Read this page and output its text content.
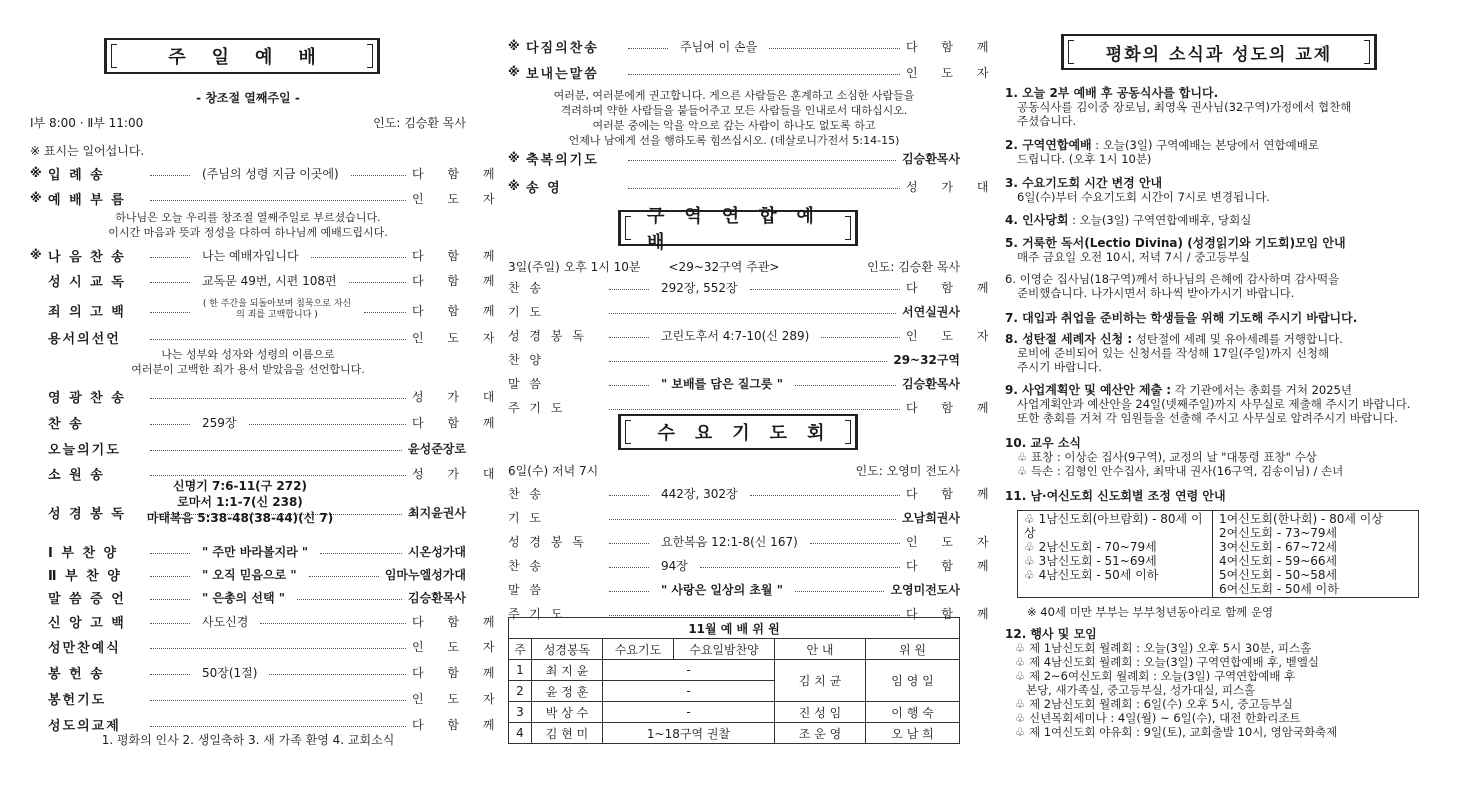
주일예배
- 창조절 열째주일 -
Ⅰ부 8:00 · Ⅱ부 11:00	인도: 김승환 목사
※ 표시는 일어섭니다.
※ 입 례 송	(주님의 성령 지금 이곳에)	다 함 께
※ 예 배 부 름	인 도 자
※ 나 음 찬 송	나는 예배자입니다	다 함 께
성 시 교 독	교독문 49번, 시편 108편	다 함 께
죄 의 고 백
( 한 주간을 되돌아보며 침묵으로 자신의 죄를 고백합니다 )	다 함 께
용서의선언	인 도 자
영 광 찬 송	성 가 대
찬 송	259장	다 함 께
오늘의기도	윤성준장로
소 원 송	성 가 대
성 경 봉 독	최지윤권사
Ⅰ 부 찬 양	" 주만 바라볼지라 "	시온성가대
Ⅱ 부 찬 양	" 오직 믿음으로 "	임마누엘성가대
말 씀 증 언	" 은총의 선택 "	김승환목사
신 앙 고 백	사도신경	다 함 께
성만찬예식	인 도 자
봉 헌 송	50장(1절)	다 함 께
봉헌기도	인 도 자
성도의교제	다 함 께
하나님은 오늘 우리를 창조절 열째주일로 부르셨습니다.
이시간 마음과 뜻과 정성을 다하여 하나님께 예배드립시다.
나는 성부와 성자와 성령의 이름으로
여러분이 고백한 죄가 용서 받았음을 선언합니다.
신명기 7:6-11(구 272)
로마서 1:1-7(신 238)
마태복음 5:38-48(38-44)(신 7)
1. 평화의 인사 2. 생일축하 3. 새 가족 환영 4. 교회소식
※ 다짐의찬송	주님여 이 손을	다 함 께
※ 보내는말씀	인 도 자
※ 축복의기도	김승환목사
※ 송 영	성 가 대
여러분, 여러분에게 권고합니다. 게으른 사람들은 훈계하고 소심한 사람들을
격려하며 약한 사람들을 붙들어주고 모든 사람들을 인내로서 대하십시오.
여러분 중에는 악을 악으로 갚는 사람이 하나도 없도록 하고
언제나 남에게 선을 행하도록 힘쓰십시오. (데살로니가전서 5:14-15)
구역연합예배
3일(주일) 오후 1시 10분 <29~32구역 주관>	인도: 김승환 목사
찬 송	292장, 552장	다 함 께
기 도	서연실권사
성 경 봉 독	고린도후서 4:7-10(신 289)	인 도 자
찬 양	29~32구역
말 씀	" 보배를 담은 질그릇 "	김승환목사
주 기 도	다 함 께
수요기도회
6일(수) 저녁 7시	인도: 오영미 전도사
찬 송	442장, 302장	다 함 께
기 도	오남희권사
성 경 봉 독	요한복음 12:1-8(신 167)	인 도 자
찬 송	94장	다 함 께
말 씀	" 사랑은 일상의 초월 "	오영미전도사
주 기 도	다 함 께
11월 예 배 위 원					
주	성경봉독	수요기도	수요일밤찬양	안 내	위 원
1	최 지 윤	-		김 치 균	임 영 일
2	윤 정 훈	-			
3	박 상 수	-		진 성 임	이 행 숙
4	김 현 미	1~18구역 권찰		조 운 영	오 남 희
평화의 소식과 성도의 교제
1. 오늘 2부 예배 후 공동식사를 합니다.
공동식사를 김이중 장로님, 최영옥 권사님(32구역)가정에서 협찬해
주셨습니다.
2. 구역연합예배 : 오늘(3일) 구역예배는 본당에서 연합예배로
드립니다. (오후 1시 10분)
3. 수요기도회 시간 변경 안내
6일(수)부터 수요기도회 시간이 7시로 변경됩니다.
4. 인사당회 : 오늘(3일) 구역연합예배후, 당회실
5. 거룩한 독서(Lectio Divina) (성경읽기와 기도회)모임 안내
매주 금요일 오전 10시, 저녁 7시 / 중고등부실
6. 이영순 집사님(18구역)께서 하나님의 은혜에 감사하며 감사떡을
준비했습니다. 나가시면서 하나씩 받아가시기 바랍니다.
7. 대입과 취업을 준비하는 학생들을 위해 기도해 주시기 바랍니다.
8. 성탄절 세례자 신청 : 성탄절에 세례 및 유아세례를 거행합니다.
로비에 준비되어 있는 신청서를 작성해 17일(주일)까지 신청해
주시기 바랍니다.
9. 사업계획안 및 예산안 제출 : 각 기관에서는 총회를 거쳐 2025년
사업계획안과 예산안을 24일(넷째주일)까지 사무실로 제출해 주시기 바랍니다.
또한 총회를 거쳐 각 임원들을 선출해 주시고 사무실로 알려주시기 바랍니다.
10. 교우 소식
♧ 표창 : 이상순 집사(9구역), 교정의 날 "대통령 표창" 수상
♧ 득손 : 김형인 안수집사, 최막내 권사(16구역, 김송이님) / 손녀
11. 남·여신도회 신도회별 조정 연령 안내
♧ 1남신도회(아브람회) - 80세 이상
♧ 2남신도회 - 70~79세
♧ 3남신도회 - 51~69세
♧ 4남신도회 - 50세 이하

1여신도회(한나회) - 80세 이상
2여신도회 - 73~79세
3여신도회 - 67~72세
4여신도회 - 59~66세
5여신도회 - 50~58세
6여신도회 - 50세 이하
※ 40세 미만 부부는 부부청년동아리로 함께 운영
12. 행사 및 모임
♧ 제 1남신도회 월례회 : 오늘(3일) 오후 5시 30분, 피스홀
♧ 제 4남신도회 월례회 : 오늘(3일) 구역연합예배 후, 벧엘실
♧ 제 2~6여신도회 월례회 : 오늘(3일) 구역연합예배 후
본당, 새가족실, 중고등부실, 성가대실, 피스홀
♧ 제 2남신도회 월례회 : 6일(수) 오후 5시, 중고등부실
♧ 신년목회세미나 : 4일(월) ~ 6일(수), 대전 한화리조트
♧ 제 1여신도회 야유회 : 9일(토), 교회출발 10시, 영암국화축제
